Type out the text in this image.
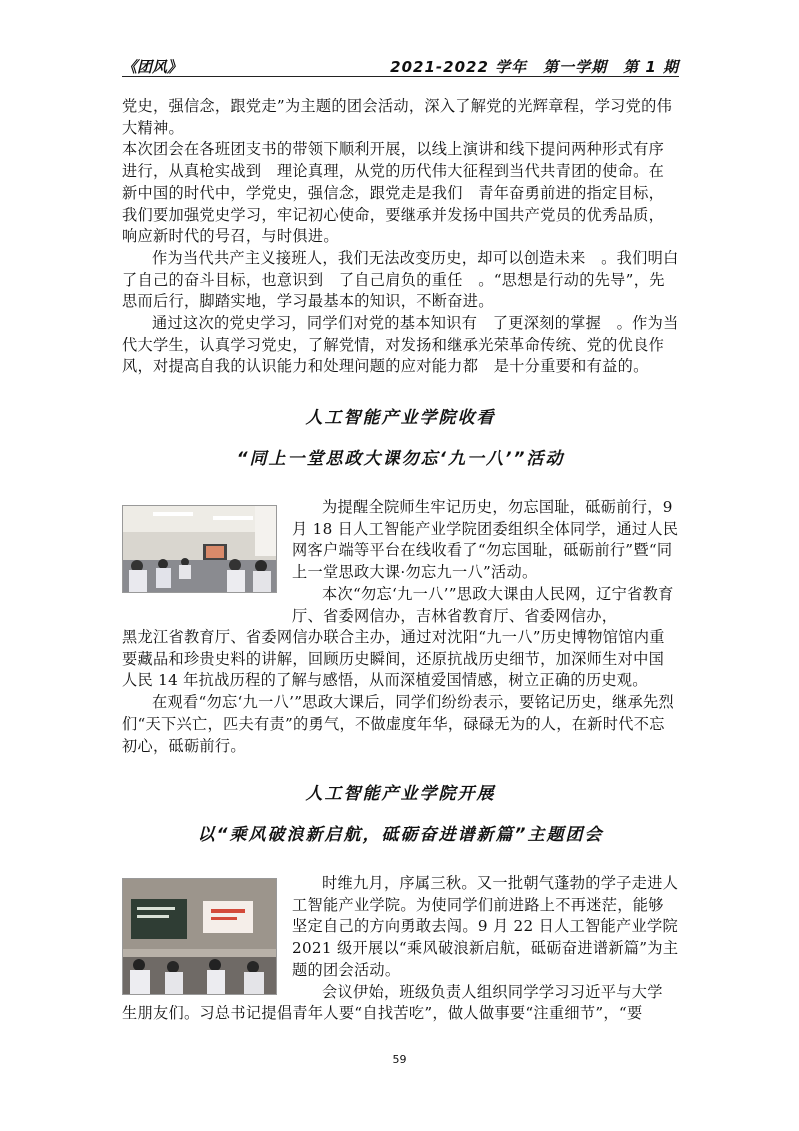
《团风》	2021-2022 学年　第一学期　第 1 期

党史，强信念，跟党走”为主题的团会活动，深入了解党的光辉章程，学习党的伟大精神。

本次团会在各班团支书的带领下顺利开展，以线上演讲和线下提问两种形式有序进行，从真枪实战到　理论真理，从党的历代伟大征程到当代共青团的使命。在新中国的时代中，学党史，强信念，跟党走是我们　青年奋勇前进的指定目标，我们要加强党史学习，牢记初心使命，要继承并发扬中国共产党员的优秀品质，响应新时代的号召，与时俱进。

作为当代共产主义接班人，我们无法改变历史，却可以创造未来　。我们明白了自己的奋斗目标，也意识到　了自己肩负的重任　。“思想是行动的先导”，先思而后行，脚踏实地，学习最基本的知识，不断奋进。

通过这次的党史学习，同学们对党的基本知识有　了更深刻的掌握　。作为当代大学生，认真学习党史，了解党情，对发扬和继承光荣革命传统、党的优良作风，对提高自我的认识能力和处理问题的应对能力都　是十分重要和有益的。

人工智能产业学院收看
“同上一堂思政大课勿忘‘九一八’”活动

为提醒全院师生牢记历史，勿忘国耻，砥砺前行，9 月 18 日人工智能产业学院团委组织全体同学，通过人民网客户端等平台在线收看了“勿忘国耻，砥砺前行”暨“同上一堂思政大课·勿忘九一八”活动。

本次“勿忘‘九一八’”思政大课由人民网，辽宁省教育厅、省委网信办，吉林省教育厅、省委网信办，

黑龙江省教育厅、省委网信办联合主办，通过对沈阳“九一八”历史博物馆馆内重要藏品和珍贵史料的讲解，回顾历史瞬间，还原抗战历史细节，加深师生对中国人民 14 年抗战历程的了解与感悟，从而深植爱国情感，树立正确的历史观。

在观看“勿忘‘九一八’”思政大课后，同学们纷纷表示，要铭记历史，继承先烈们“天下兴亡，匹夫有责”的勇气，不做虚度年华，碌碌无为的人，在新时代不忘初心，砥砺前行。

人工智能产业学院开展
以“乘风破浪新启航，砥砺奋进谱新篇”主题团会

时维九月，序属三秋。又一批朝气蓬勃的学子走进人工智能产业学院。为使同学们前进路上不再迷茫，能够坚定自己的方向勇敢去闯。9 月 22 日人工智能产业学院 2021 级开展以“乘风破浪新启航，砥砺奋进谱新篇”为主题的团会活动。

会议伊始，班级负责人组织同学学习习近平与大学

生朋友们。习总书记提倡青年人要“自找苦吃”，做人做事要“注重细节”，“要

59
